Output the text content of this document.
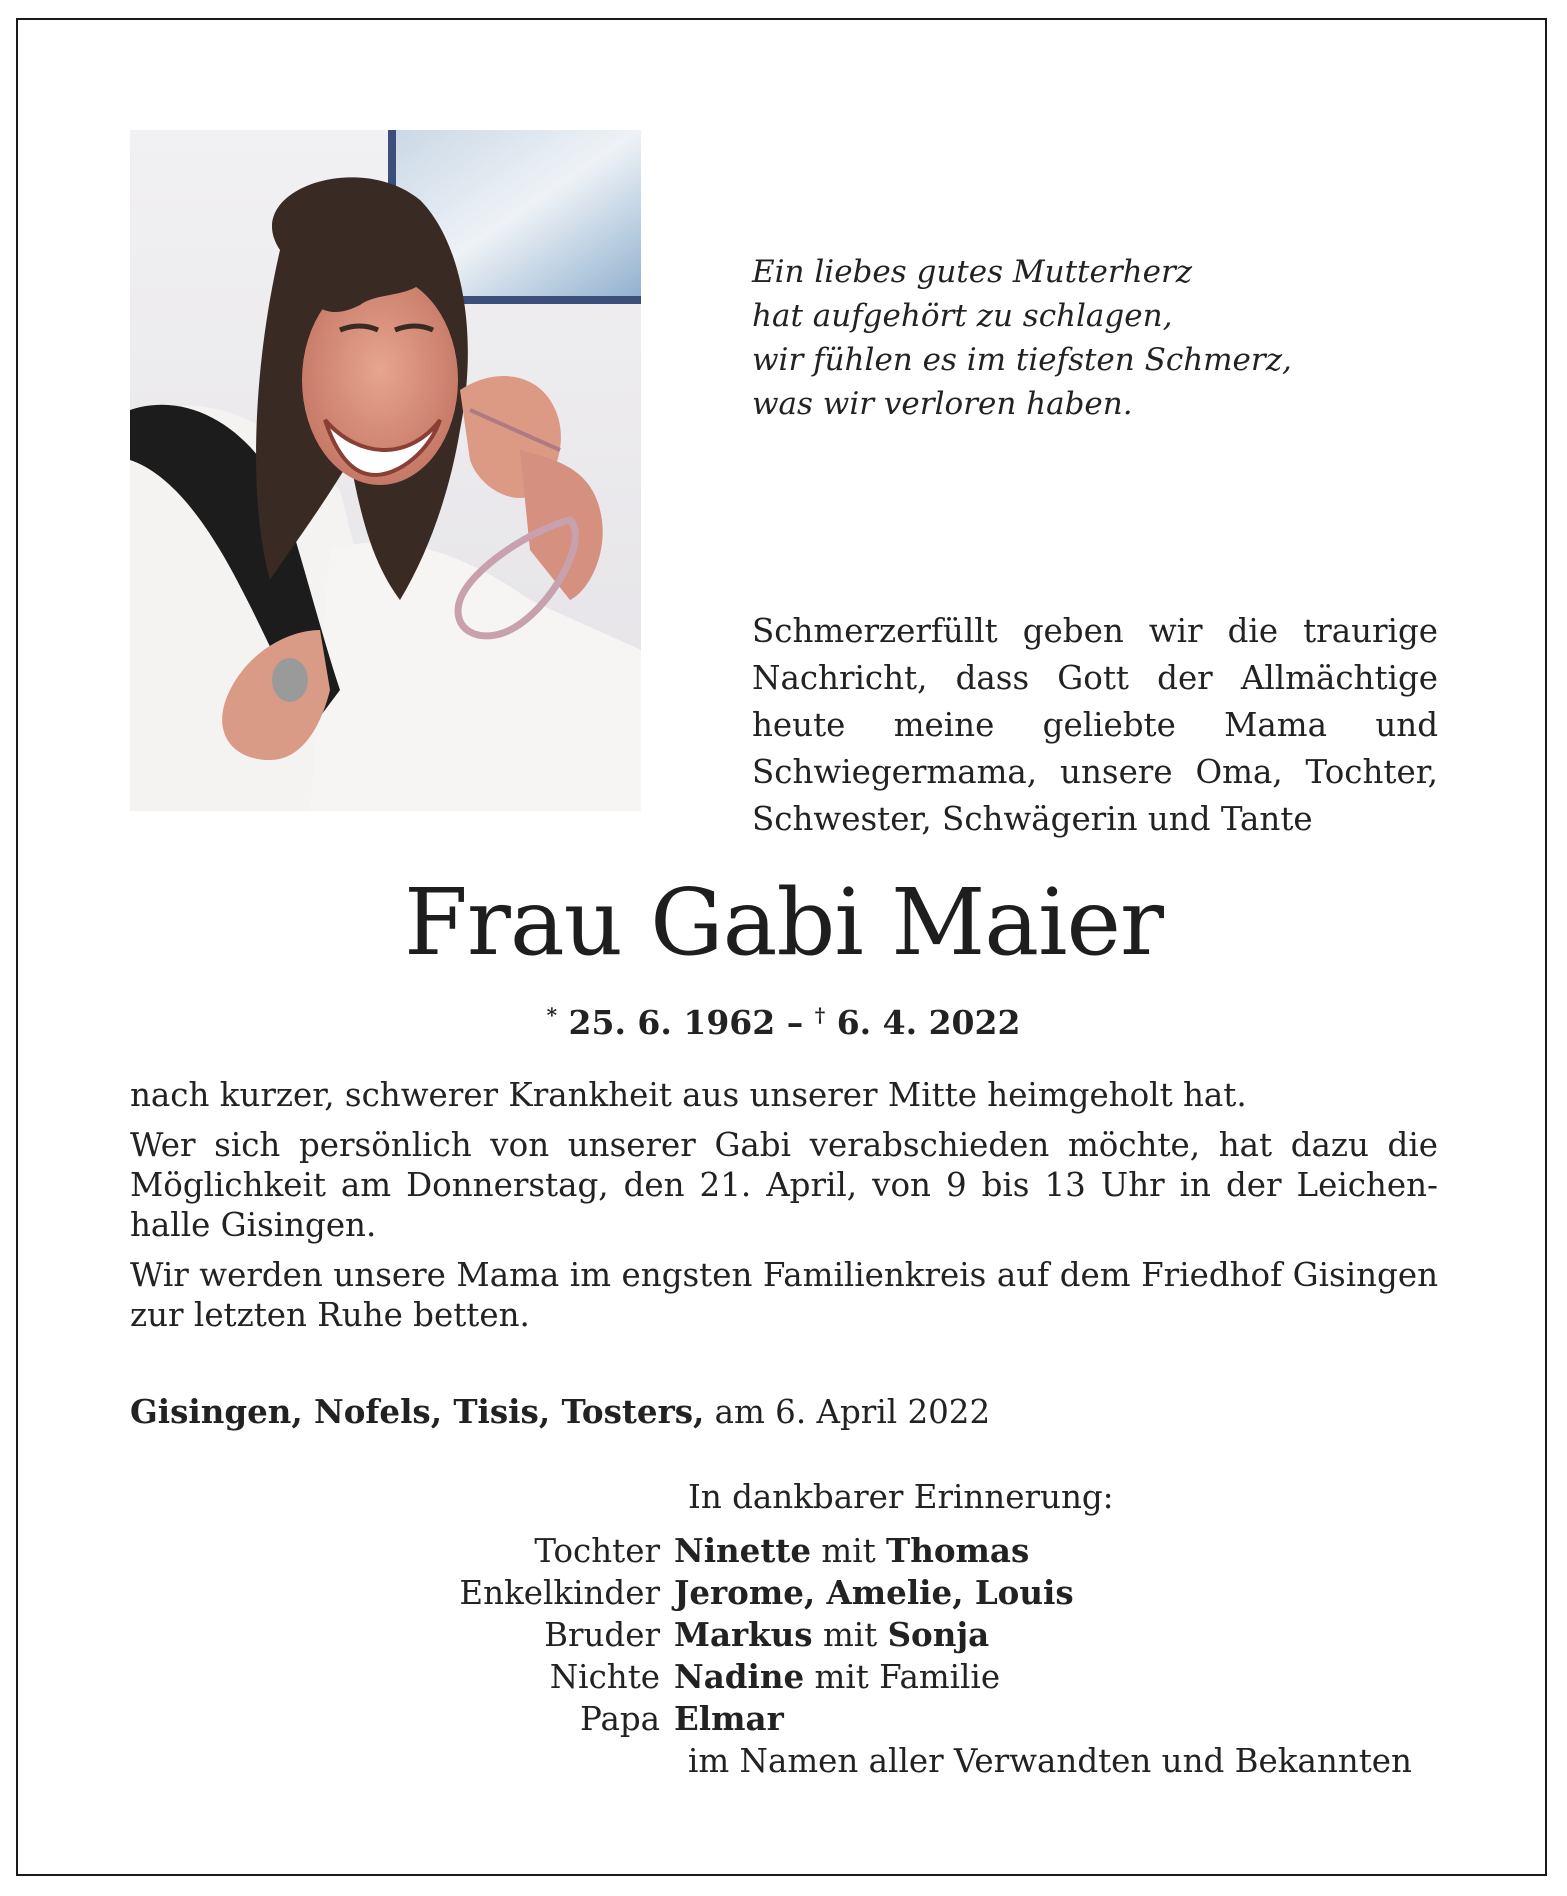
Ein liebes gutes Mutterherz
hat aufgehört zu schlagen,
wir fühlen es im tiefsten Schmerz,
was wir verloren haben.
Schmerzerfüllt geben wir die traurige Nachricht, dass Gott der Allmächtige heute meine geliebte Mama und Schwiegermama, unsere Oma, Tochter, Schwester, Schwägerin und Tante
Frau Gabi Maier
* 25. 6. 1962 – † 6. 4. 2022

nach kurzer, schwerer Krankheit aus unserer Mitte heimgeholt hat.

Wer sich persönlich von unserer Gabi verabschieden möchte, hat dazu die Möglichkeit am Donnerstag, den 21. April, von 9 bis 13 Uhr in der Leichenhalle Gisingen.

Wir werden unsere Mama im engsten Familienkreis auf dem Friedhof Gisingen zur letzten Ruhe betten.

Gisingen, Nofels, Tisis, Tosters, am 6. April 2022
In dankbarer Erinnerung:
Tochter Ninette mit Thomas
Enkelkinder Jerome, Amelie, Louis
Bruder Markus mit Sonja
Nichte Nadine mit Familie
Papa Elmar
im Namen aller Verwandten und Bekannten
